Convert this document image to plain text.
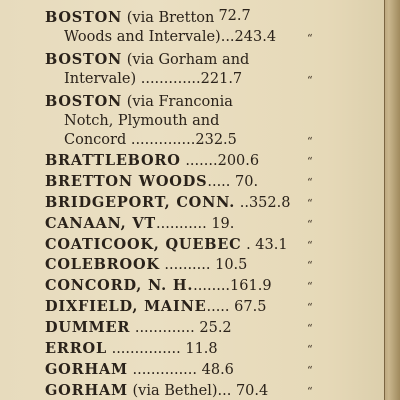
72.7

BOSTON (via Bretton
Woods and Intervale)...243.4	“
BOSTON (via Gorham and
Intervale) .............221.7	“
BOSTON (via Franconia
Notch, Plymouth and
Concord ..............232.5	“
BRATTLEBORO .......200.6	“
BRETTON WOODS..... 70.	“
BRIDGEPORT, CONN. ..352.8 “
CANAAN, VT........... 19.	“
COATICOOK, QUEBEC . 43.1 “
COLEBROOK .......... 10.5	“
CONCORD, N. H.........161.9	“
DIXFIELD, MAINE..... 67.5	“
DUMMER ............. 25.2	“
ERROL ............... 11.8	“
GORHAM .............. 48.6	“
GORHAM (via Bethel)... 70.4	“
